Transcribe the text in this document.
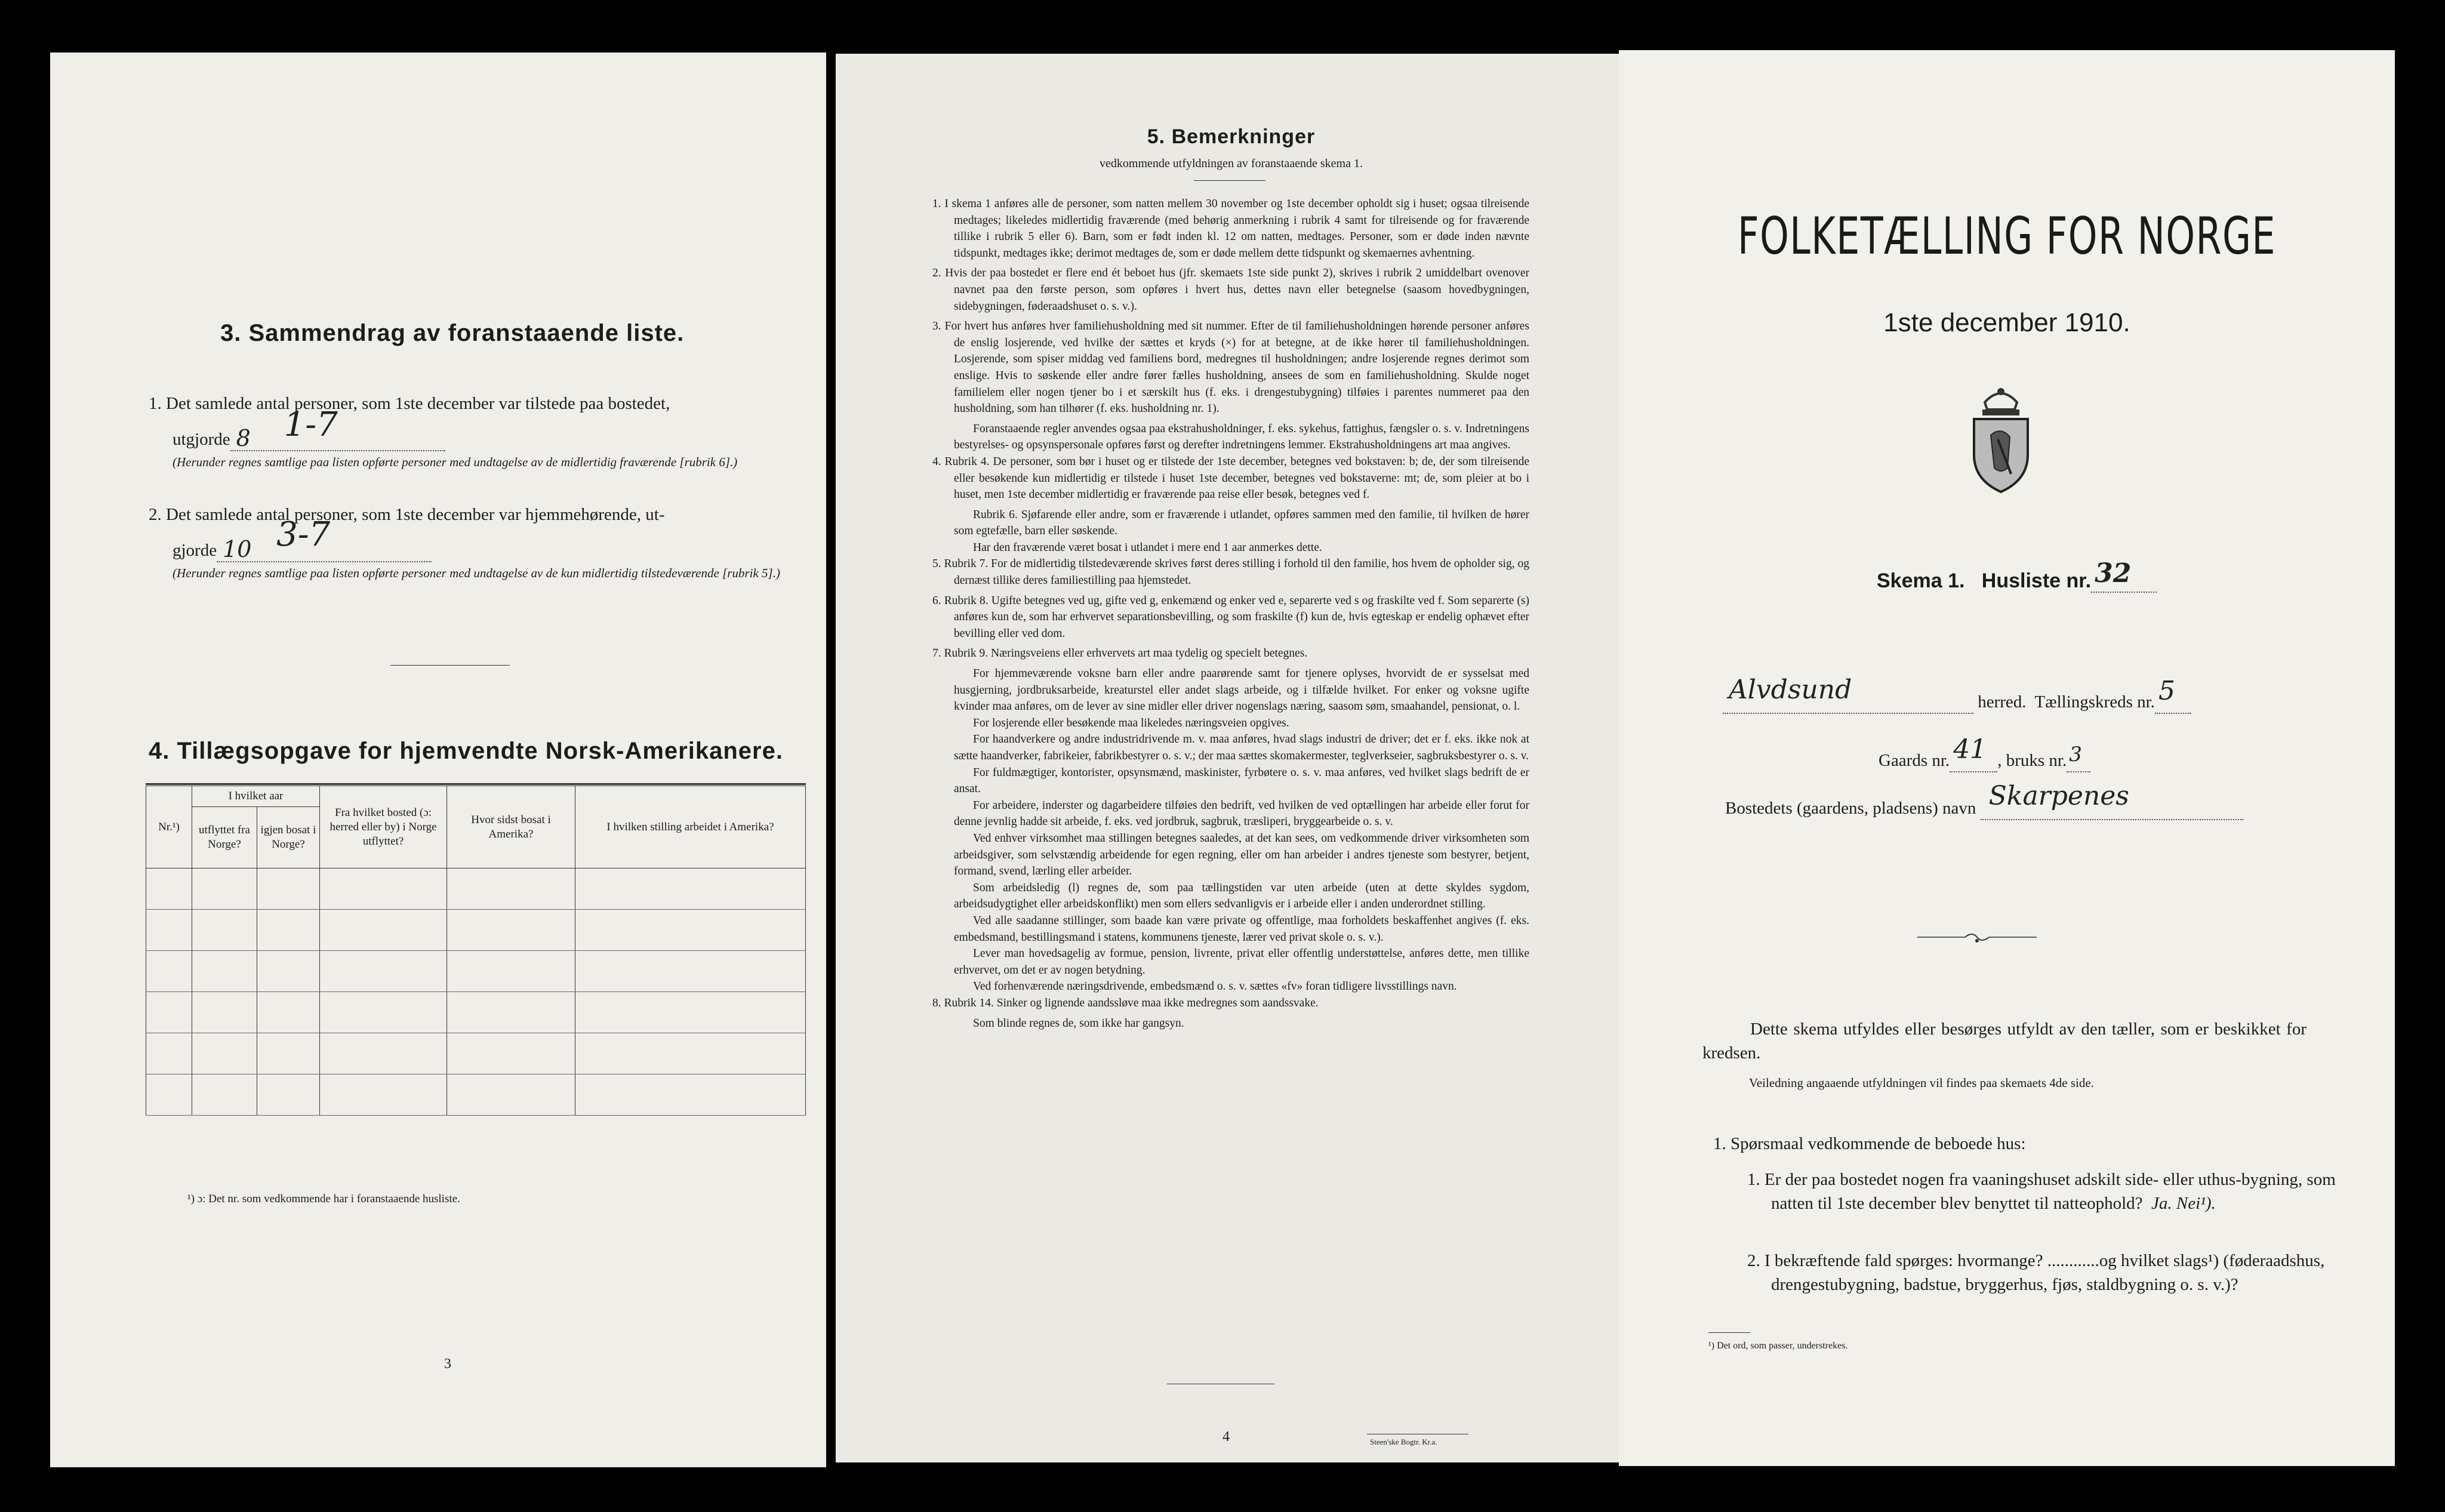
3. Sammendrag av foranstaaende liste.
1. Det samlede antal personer, som 1ste december var tilstede paa bostedet,
utgjorde 8 1-7
(Herunder regnes samtlige paa listen opførte personer med undtagelse av de midlertidig fraværende [rubrik 6].)
2. Det samlede antal personer, som 1ste december var hjemmehørende, ut-
gjorde 10 3-7
(Herunder regnes samtlige paa listen opførte personer med undtagelse av de kun midlertidig tilstedeværende [rubrik 5].)
4. Tillægsopgave for hjemvendte Norsk-Amerikanere.
Nr.¹)	I hvilket aar		Fra hvilket bosted (ɔ: herred eller by) i Norge utflyttet?	Hvor sidst bosat i Amerika?	I hvilken stilling arbeidet i Amerika?
	utflyttet fra Norge?	igjen bosat i Norge?			

¹) ɔ: Det nr. som vedkommende har i foranstaaende husliste.
3
5. Bemerkninger
vedkommende utfyldningen av foranstaaende skema 1.
1. I skema 1 anføres alle de personer, som natten mellem 30 november og 1ste december opholdt sig i huset; ogsaa tilreisende medtages; likeledes midlertidig fraværende (med behørig anmerkning i rubrik 4 samt for tilreisende og for fraværende tillike i rubrik 5 eller 6). Barn, som er født inden kl. 12 om natten, medtages. Personer, som er døde inden nævnte tidspunkt, medtages ikke; derimot medtages de, som er døde mellem dette tidspunkt og skemaernes avhentning.
2. Hvis der paa bostedet er flere end ét beboet hus (jfr. skemaets 1ste side punkt 2), skrives i rubrik 2 umiddelbart ovenover navnet paa den første person, som opføres i hvert hus, dettes navn eller betegnelse (saasom hovedbygningen, sidebygningen, føderaadshuset o. s. v.).
3. For hvert hus anføres hver familiehusholdning med sit nummer. Efter de til familiehusholdningen hørende personer anføres de enslig losjerende, ved hvilke der sættes et kryds (×) for at betegne, at de ikke hører til familiehusholdningen. Losjerende, som spiser middag ved familiens bord, medregnes til husholdningen; andre losjerende regnes derimot som enslige. Hvis to søskende eller andre fører fælles husholdning, ansees de som en familiehusholdning. Skulde noget familielem eller nogen tjener bo i et særskilt hus (f. eks. i drengestubygning) tilføies i parentes nummeret paa den husholdning, som han tilhører (f. eks. husholdning nr. 1).
Foranstaaende regler anvendes ogsaa paa ekstrahusholdninger, f. eks. sykehus, fattighus, fængsler o. s. v. Indretningens bestyrelses- og opsynspersonale opføres først og derefter indretningens lemmer. Ekstrahusholdningens art maa angives.
4. Rubrik 4. De personer, som bør i huset og er tilstede der 1ste december, betegnes ved bokstaven: b; de, der som tilreisende eller besøkende kun midlertidig er tilstede i huset 1ste december, betegnes ved bokstaverne: mt; de, som pleier at bo i huset, men 1ste december midlertidig er fraværende paa reise eller besøk, betegnes ved f.
Rubrik 6. Sjøfarende eller andre, som er fraværende i utlandet, opføres sammen med den familie, til hvilken de hører som egtefælle, barn eller søskende.
Har den fraværende været bosat i utlandet i mere end 1 aar anmerkes dette.
5. Rubrik 7. For de midlertidig tilstedeværende skrives først deres stilling i forhold til den familie, hos hvem de opholder sig, og dernæst tillike deres familiestilling paa hjemstedet.
6. Rubrik 8. Ugifte betegnes ved ug, gifte ved g, enkemænd og enker ved e, separerte ved s og fraskilte ved f. Som separerte (s) anføres kun de, som har erhvervet separationsbevilling, og som fraskilte (f) kun de, hvis egteskap er endelig ophævet efter bevilling eller ved dom.
7. Rubrik 9. Næringsveiens eller erhvervets art maa tydelig og specielt betegnes.
For hjemmeværende voksne barn eller andre paarørende samt for tjenere oplyses, hvorvidt de er sysselsat med husgjerning, jordbruksarbeide, kreaturstel eller andet slags arbeide, og i tilfælde hvilket. For enker og voksne ugifte kvinder maa anføres, om de lever av sine midler eller driver nogenslags næring, saasom søm, smaahandel, pensionat, o. l.
For losjerende eller besøkende maa likeledes næringsveien opgives.
For haandverkere og andre industridrivende m. v. maa anføres, hvad slags industri de driver; det er f. eks. ikke nok at sætte haandverker, fabrikeier, fabrikbestyrer o. s. v.; der maa sættes skomakermester, teglverkseier, sagbruksbestyrer o. s. v.
For fuldmægtiger, kontorister, opsynsmænd, maskinister, fyrbøtere o. s. v. maa anføres, ved hvilket slags bedrift de er ansat.
For arbeidere, inderster og dagarbeidere tilføies den bedrift, ved hvilken de ved optællingen har arbeide eller forut for denne jevnlig hadde sit arbeide, f. eks. ved jordbruk, sagbruk, træsliperi, bryggearbeide o. s. v.
Ved enhver virksomhet maa stillingen betegnes saaledes, at det kan sees, om vedkommende driver virksomheten som arbeidsgiver, som selvstændig arbeidende for egen regning, eller om han arbeider i andres tjeneste som bestyrer, betjent, formand, svend, lærling eller arbeider.
Som arbeidsledig (l) regnes de, som paa tællingstiden var uten arbeide (uten at dette skyldes sygdom, arbeidsudygtighet eller arbeidskonflikt) men som ellers sedvanligvis er i arbeide eller i anden underordnet stilling.
Ved alle saadanne stillinger, som baade kan være private og offentlige, maa forholdets beskaffenhet angives (f. eks. embedsmand, bestillingsmand i statens, kommunens tjeneste, lærer ved privat skole o. s. v.).
Lever man hovedsagelig av formue, pension, livrente, privat eller offentlig understøttelse, anføres dette, men tillike erhvervet, om det er av nogen betydning.
Ved forhenværende næringsdrivende, embedsmænd o. s. v. sættes «fv» foran tidligere livsstillings navn.
8. Rubrik 14. Sinker og lignende aandssløve maa ikke medregnes som aandssvake.
Som blinde regnes de, som ikke har gangsyn.
4	Steen'ske Bogtr. Kr.a.
FOLKETÆLLING FOR NORGE
1ste december 1910.
Skema 1. Husliste nr. 32
Alvdsund	herred. Tællingskreds nr. 5
Gaards nr. 41 , bruks nr. 3
Bostedets (gaardens, pladsens) navn Skarpenes
Dette skema utfyldes eller besørges utfyldt av den tæller, som er beskikket for kredsen.
Veiledning angaaende utfyldningen vil findes paa skemaets 4de side.
1. Spørsmaal vedkommende de beboede hus:
1. Er der paa bostedet nogen fra vaaningshuset adskilt side- eller uthus-bygning, som natten til 1ste december blev benyttet til natteophold? Ja. Nei¹).
2. I bekræftende fald spørges: hvormange? ............og hvilket slags¹) (føderaadshus, drengestubygning, badstue, bryggerhus, fjøs, staldbygning o. s. v.)?
¹) Det ord, som passer, understrekes.
